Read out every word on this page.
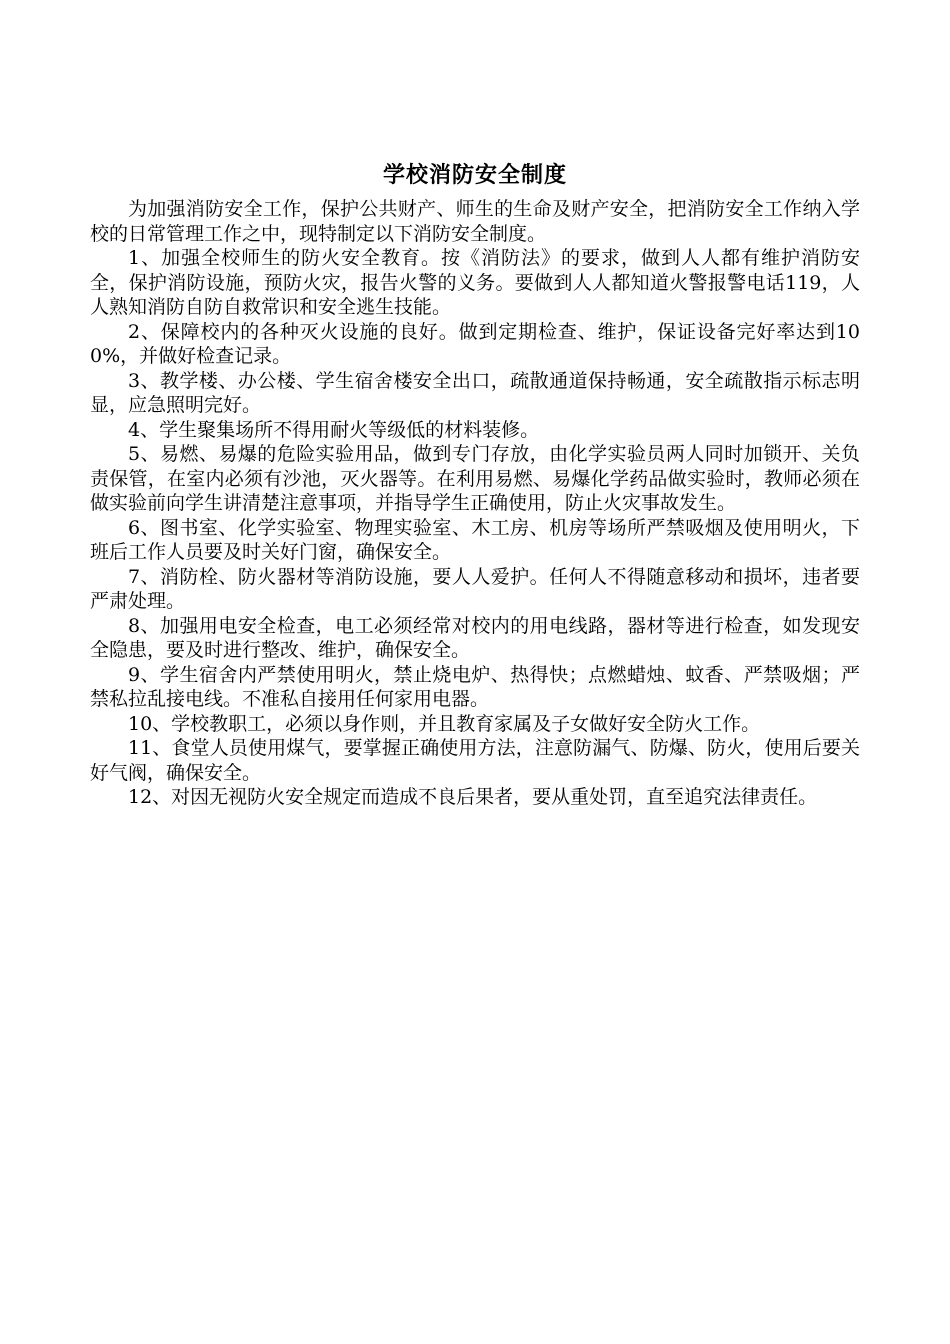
学校消防安全制度

为加强消防安全工作，保护公共财产、师生的生命及财产安全，把消防安全工作纳入学校的日常管理工作之中，现特制定以下消防安全制度。

1、加强全校师生的防火安全教育。按《消防法》的要求，做到人人都有维护消防安全，保护消防设施，预防火灾，报告火警的义务。要做到人人都知道火警报警电话119，人人熟知消防自防自救常识和安全逃生技能。

2、保障校内的各种灭火设施的良好。做到定期检查、维护，保证设备完好率达到100%，并做好检查记录。

3、教学楼、办公楼、学生宿舍楼安全出口，疏散通道保持畅通，安全疏散指示标志明显，应急照明完好。

4、学生聚集场所不得用耐火等级低的材料装修。

5、易燃、易爆的危险实验用品，做到专门存放，由化学实验员两人同时加锁开、关负责保管，在室内必须有沙池，灭火器等。在利用易燃、易爆化学药品做实验时，教师必须在做实验前向学生讲清楚注意事项，并指导学生正确使用，防止火灾事故发生。

6、图书室、化学实验室、物理实验室、木工房、机房等场所严禁吸烟及使用明火，下班后工作人员要及时关好门窗，确保安全。

7、消防栓、防火器材等消防设施，要人人爱护。任何人不得随意移动和损坏，违者要严肃处理。

8、加强用电安全检查，电工必须经常对校内的用电线路，器材等进行检查，如发现安全隐患，要及时进行整改、维护，确保安全。

9、学生宿舍内严禁使用明火，禁止烧电炉、热得快；点燃蜡烛、蚊香、严禁吸烟；严禁私拉乱接电线。不准私自接用任何家用电器。

10、学校教职工，必须以身作则，并且教育家属及子女做好安全防火工作。

11、食堂人员使用煤气，要掌握正确使用方法，注意防漏气、防爆、防火，使用后要关好气阀，确保安全。

12、对因无视防火安全规定而造成不良后果者，要从重处罚，直至追究法律责任。
